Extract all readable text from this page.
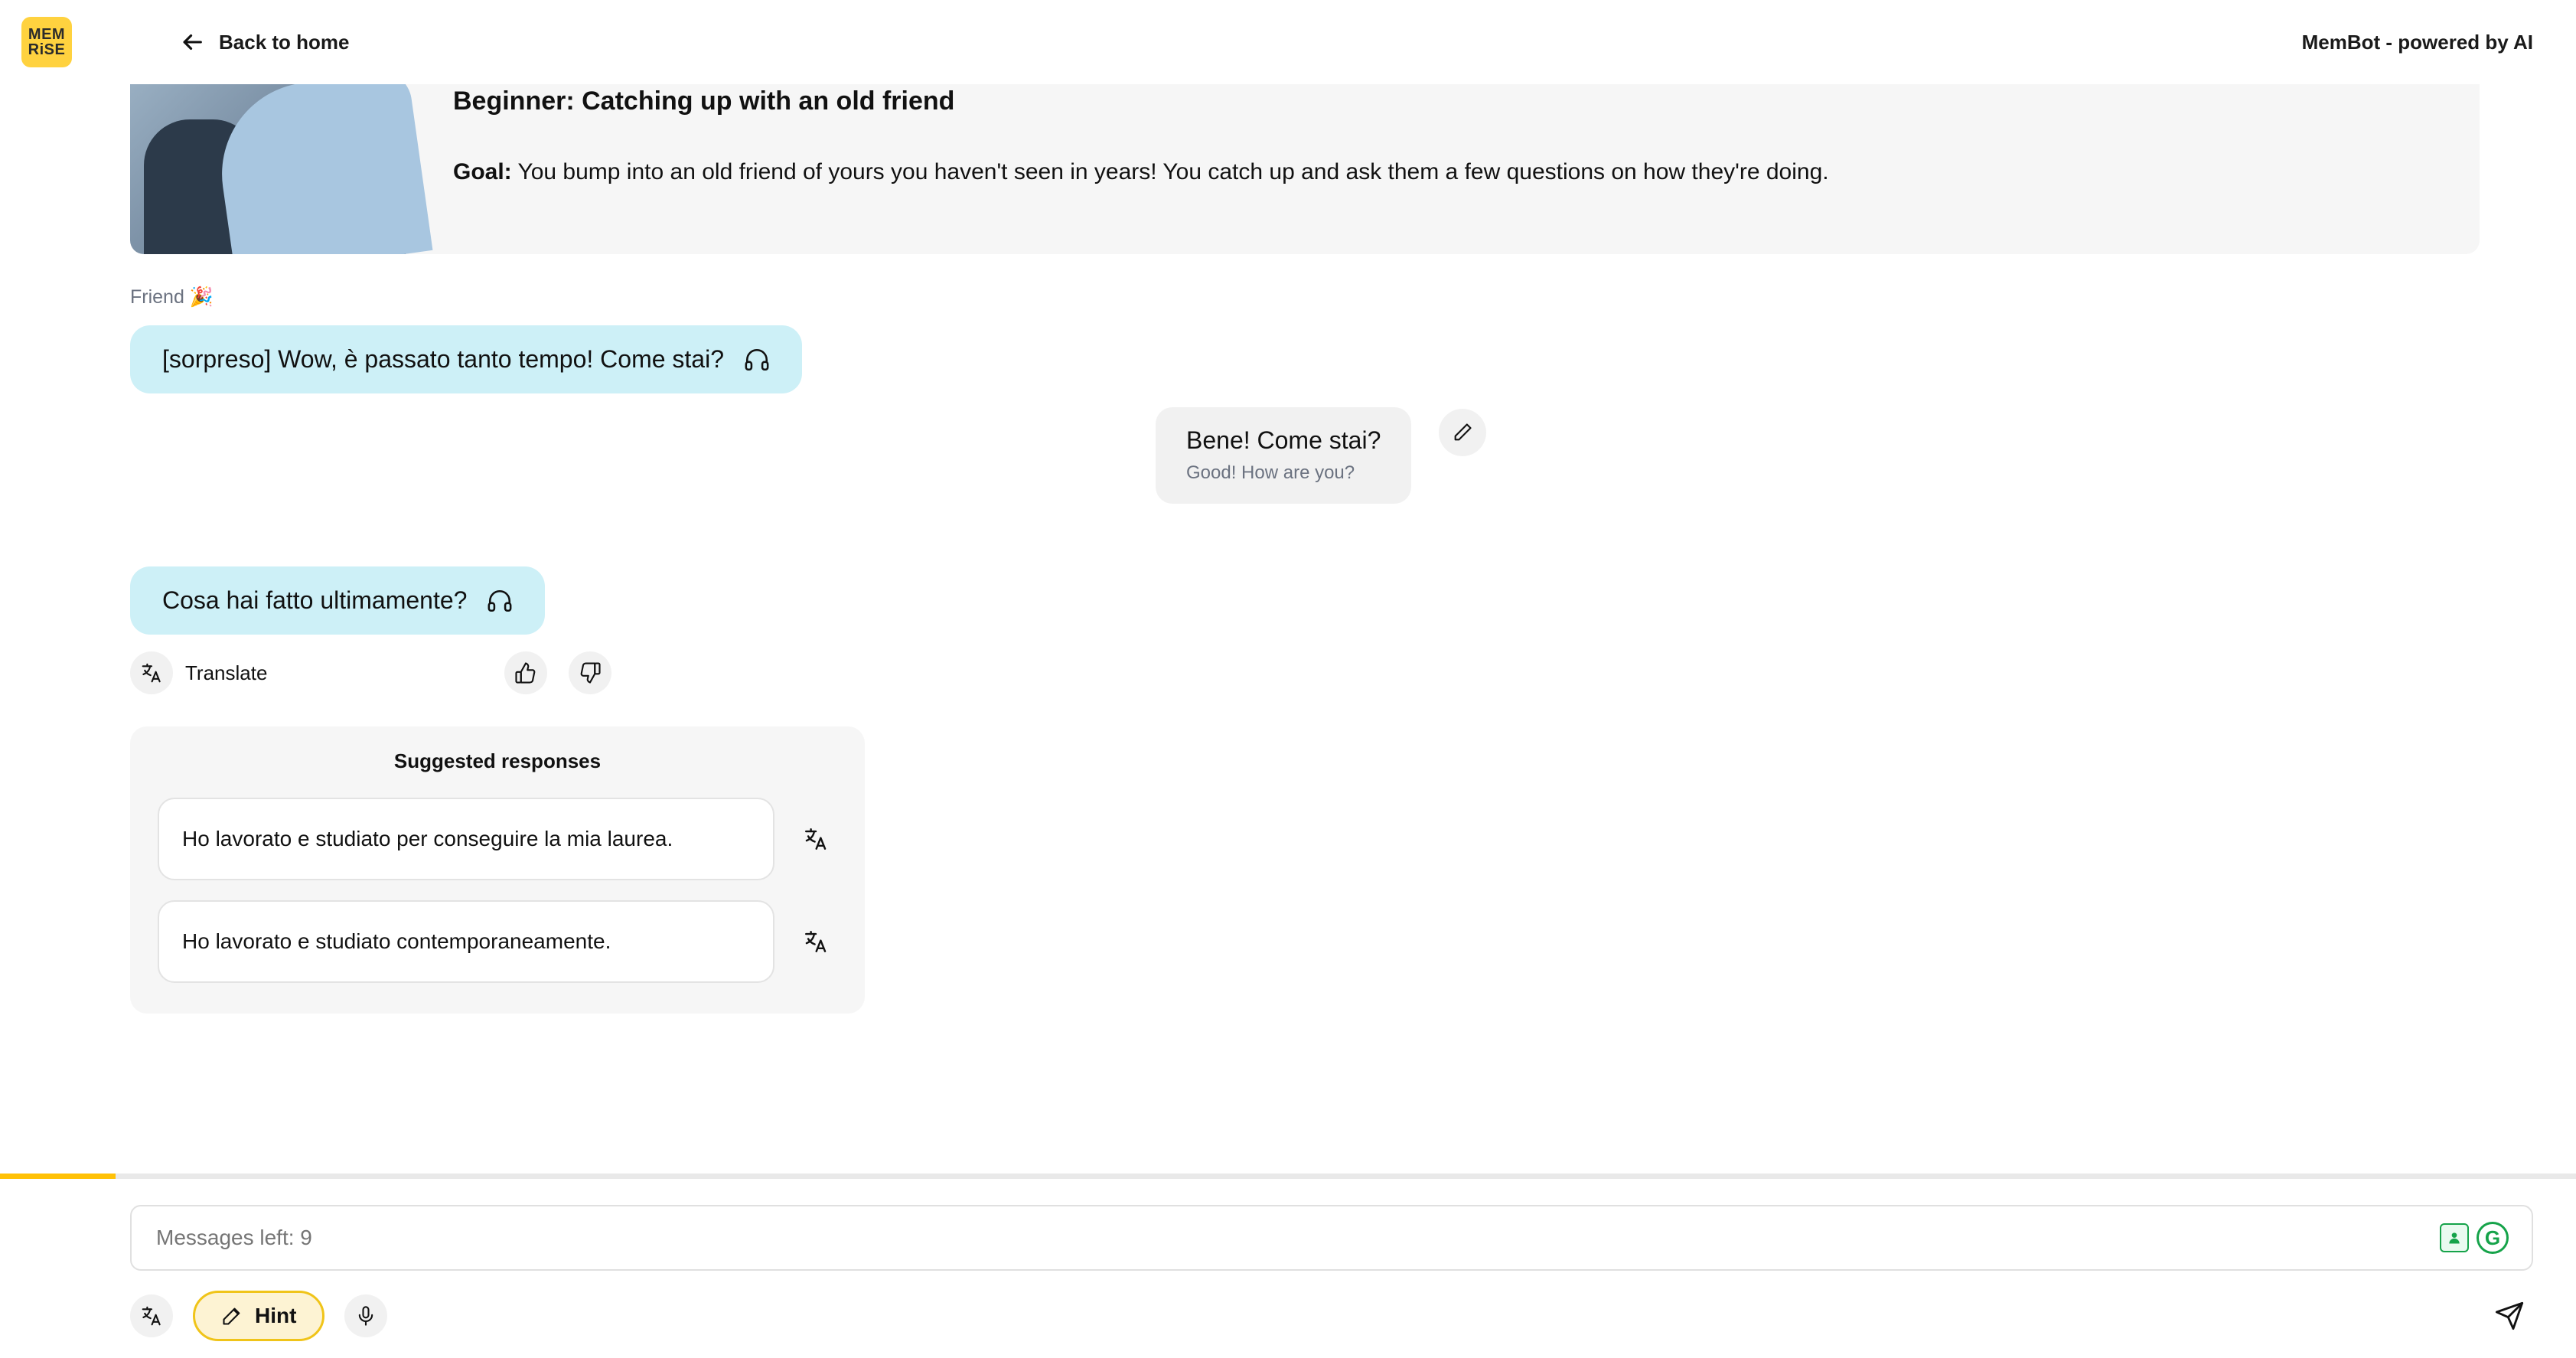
MEM
RiSE	Back to home	MemBot - powered by AI
Beginner: Catching up with an old friend
Goal: You bump into an old friend of yours you haven't seen in years! You catch up and ask them a few questions on how they're doing.
Friend 🎉
[sorpreso] Wow, è passato tanto tempo! Come stai?
Bene! Come stai?
Good! How are you?
Cosa hai fatto ultimamente?
Translate
Suggested responses
Ho lavorato e studiato per conseguire la mia laurea.
Ho lavorato e studiato contemporaneamente.
Messages left: 9
G
Hint
